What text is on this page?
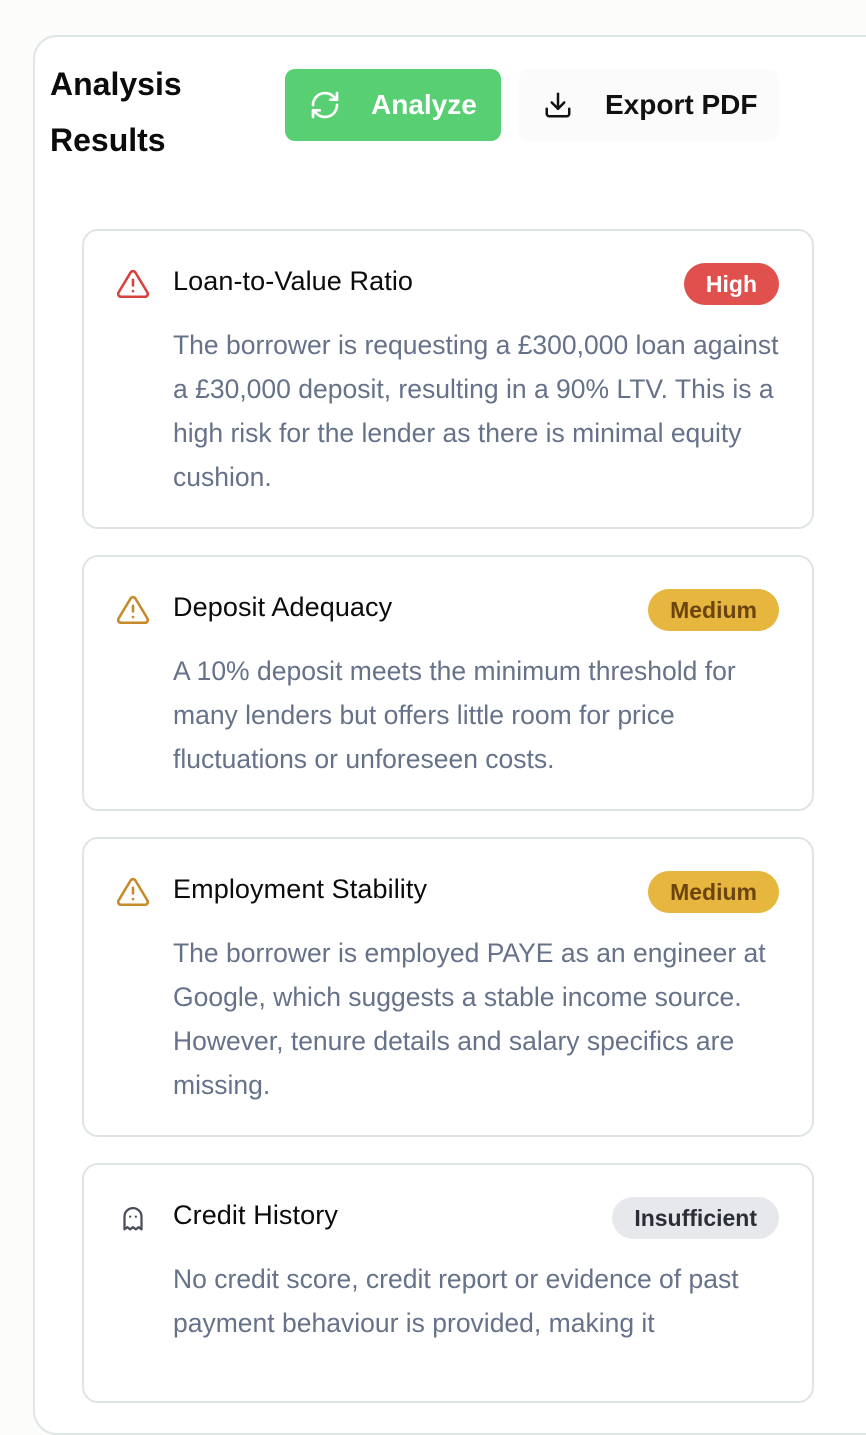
Analysis Results
Analyze	Export PDF
Loan-to-Value Ratio	High

The borrower is requesting a £300,000 loan against a £30,000 deposit, resulting in a 90% LTV. This is a high risk for the lender as there is minimal equity cushion.

Deposit Adequacy	Medium

A 10% deposit meets the minimum threshold for many lenders but offers little room for price fluctuations or unforeseen costs.

Employment Stability	Medium

The borrower is employed PAYE as an engineer at Google, which suggests a stable income source. However, tenure details and salary specifics are missing.

Credit History	Insufficient

No credit score, credit report or evidence of past payment behaviour is provided, making it
